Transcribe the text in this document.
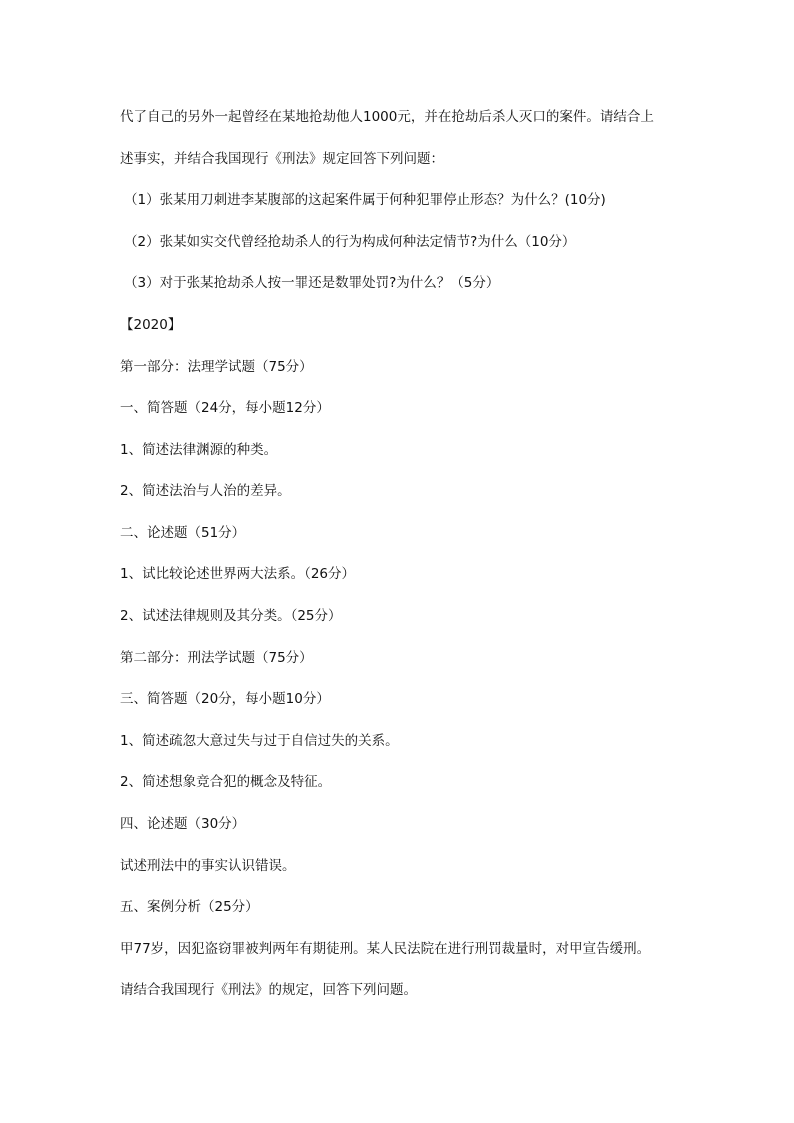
代了自己的另外一起曾经在某地抢劫他人1000元，并在抢劫后杀人灭口的案件。请结合上
述事实，并结合我国现行《刑法》规定回答下列问题：
（1）张某用刀刺进李某腹部的这起案件属于何种犯罪停止形态？为什么？(10分)
（2）张某如实交代曾经抢劫杀人的行为构成何种法定情节?为什么（10分）
（3）对于张某抢劫杀人按一罪还是数罪处罚?为什么？（5分）
【2020】
第一部分：法理学试题（75分）
一、简答题（24分，每小题12分）
1、简述法律渊源的种类。
2、简述法治与人治的差异。
二、论述题（51分）
1、试比较论述世界两大法系。（26分）
2、试述法律规则及其分类。（25分）
第二部分：刑法学试题（75分）
三、简答题（20分，每小题10分）
1、简述疏忽大意过失与过于自信过失的关系。
2、简述想象竞合犯的概念及特征。
四、论述题（30分）
试述刑法中的事实认识错误。
五、案例分析（25分）
甲77岁，因犯盗窃罪被判两年有期徒刑。某人民法院在进行刑罚裁量时，对甲宣告缓刑。
请结合我国现行《刑法》的规定，回答下列问题。
